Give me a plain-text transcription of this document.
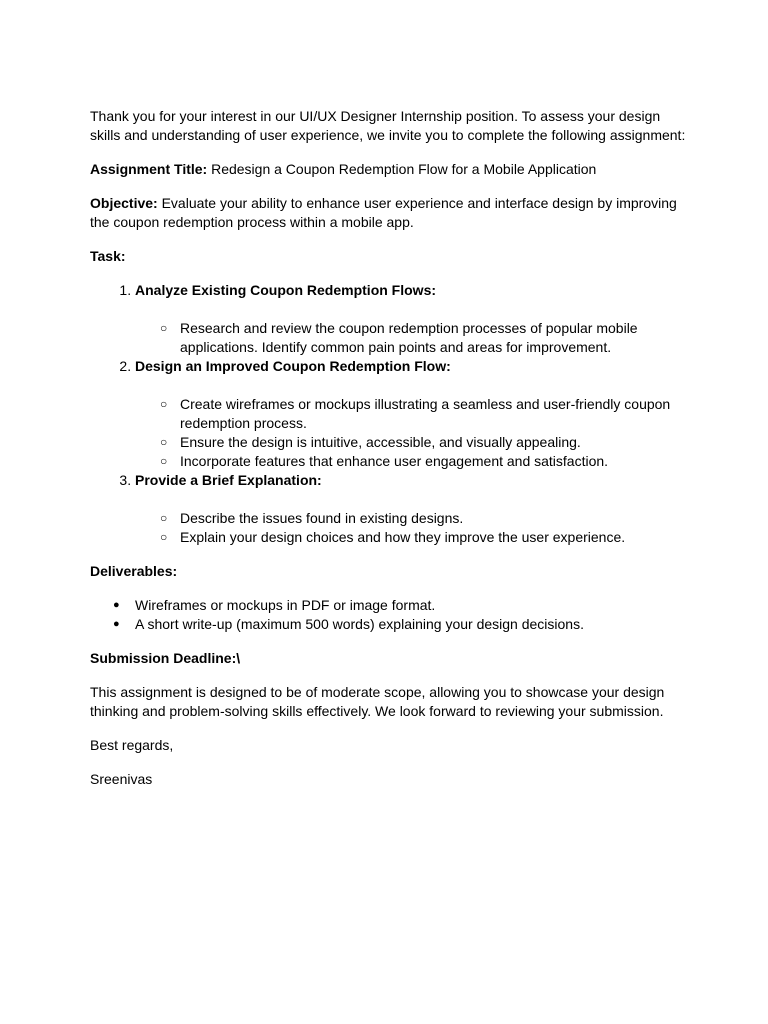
Thank you for your interest in our UI/UX Designer Internship position. To assess your design skills and understanding of user experience, we invite you to complete the following assignment:

Assignment Title: Redesign a Coupon Redemption Flow for a Mobile Application

Objective: Evaluate your ability to enhance user experience and interface design by improving the coupon redemption process within a mobile app.

Task:

1. Analyze Existing Coupon Redemption Flows:
○ Research and review the coupon redemption processes of popular mobile applications. Identify common pain points and areas for improvement.
2. Design an Improved Coupon Redemption Flow:
○ Create wireframes or mockups illustrating a seamless and user-friendly coupon redemption process.
○ Ensure the design is intuitive, accessible, and visually appealing.
○ Incorporate features that enhance user engagement and satisfaction.
3. Provide a Brief Explanation:
○ Describe the issues found in existing designs.
○ Explain your design choices and how they improve the user experience.

Deliverables:

● Wireframes or mockups in PDF or image format.
● A short write-up (maximum 500 words) explaining your design decisions.

Submission Deadline:\

This assignment is designed to be of moderate scope, allowing you to showcase your design thinking and problem-solving skills effectively. We look forward to reviewing your submission.

Best regards,

Sreenivas
